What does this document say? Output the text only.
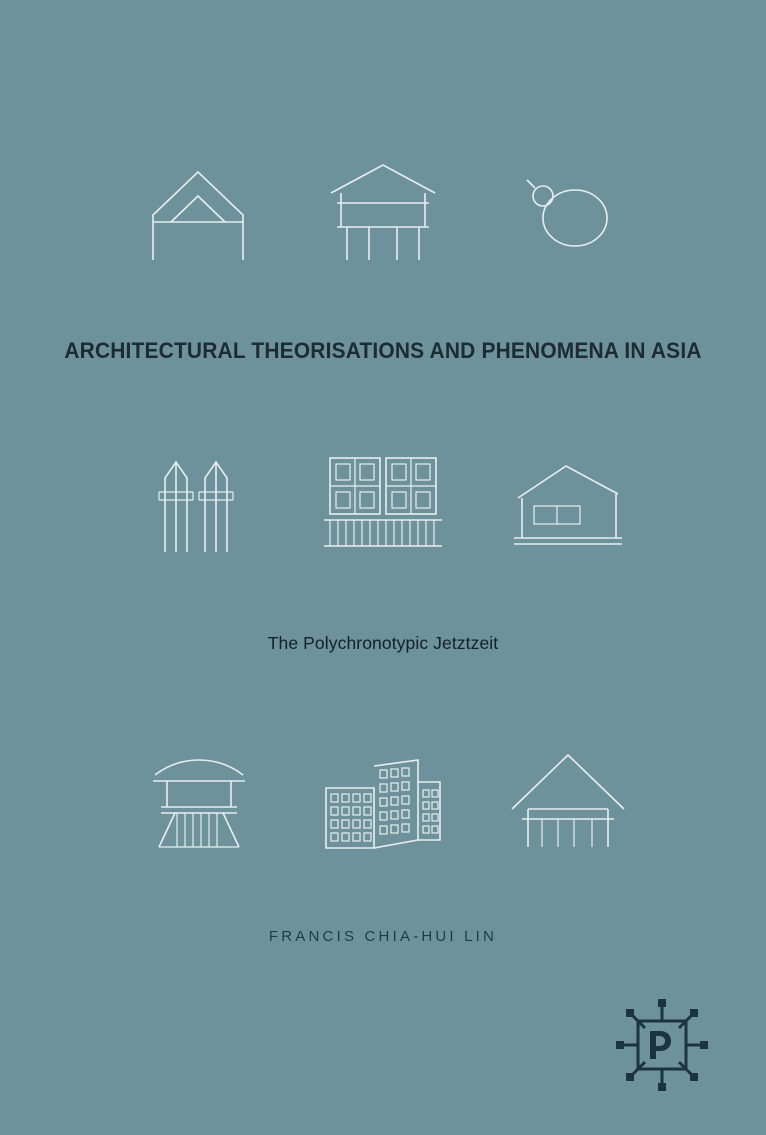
ARCHITECTURAL THEORISATIONS AND PHENOMENA IN ASIA
The Polychronotypic Jetztzeit
FRANCIS CHIA-HUI LIN
